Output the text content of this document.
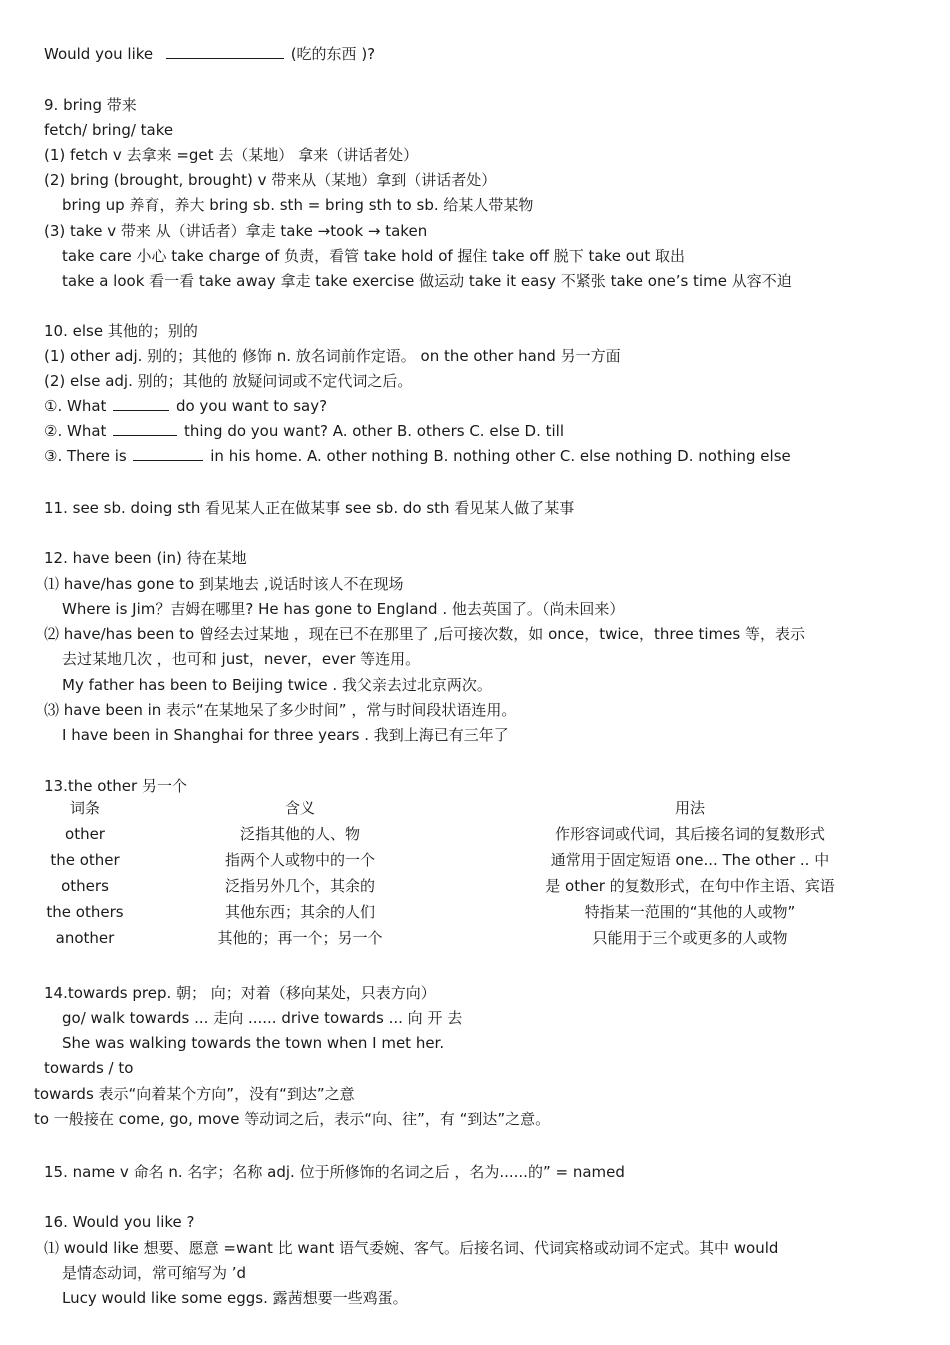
Would you like	(吃的东西 )?
9. bring 带来
fetch/ bring/ take
(1) fetch v 去拿来 =get 去（某地） 拿来（讲话者处）
(2) bring (brought, brought) v 带来从（某地）拿到（讲话者处）
bring up 养育，养大 bring sb. sth = bring sth to sb. 给某人带某物
(3) take v 带来 从（讲话者）拿走 take →took → taken
take care 小心 take charge of 负责，看管 take hold of 握住 take off 脱下 take out 取出
take a look 看一看 take away 拿走 take exercise 做运动 take it easy 不紧张 take one’s time 从容不迫
10. else 其他的；别的
(1) other adj. 别的；其他的 修饰 n. 放名词前作定语。 on the other hand 另一方面
(2) else adj. 别的；其他的 放疑问词或不定代词之后。
①. What	do you want to say?
②. What	thing do you want? A. other B. others C. else D. till
③. There is	in his home. A. other nothing B. nothing other C. else nothing D. nothing else
11. see sb. doing sth 看见某人正在做某事 see sb. do sth 看见某人做了某事
12. have been (in) 待在某地
⑴ have/has gone to 到某地去 ,说话时该人不在现场
Where is Jim？吉姆在哪里? He has gone to England . 他去英国了。（尚未回来）
⑵ have/has been to 曾经去过某地 ，现在已不在那里了 ,后可接次数，如 once，twice，three times 等，表示
去过某地几次 ，也可和 just，never，ever 等连用。
My father has been to Beijing twice . 我父亲去过北京两次。
⑶ have been in 表示“在某地呆了多少时间” ，常与时间段状语连用。
I have been in Shanghai for three years . 我到上海已有三年了
13.the other 另一个
词条	含义	用法
other	泛指其他的人、物	作形容词或代词，其后接名词的复数形式
the other	指两个人或物中的一个	通常用于固定短语 one... The other .. 中
others	泛指另外几个，其余的	是 other 的复数形式，在句中作主语、宾语
the others	其他东西；其余的人们	特指某一范围的“其他的人或物”
another	其他的；再一个；另一个	只能用于三个或更多的人或物
14.towards prep. 朝； 向；对着（移向某处，只表方向）
go/ walk towards ... 走向 ...... drive towards ... 向 开 去
She was walking towards the town when I met her.
towards / to
towards 表示“向着某个方向”，没有“到达”之意
to 一般接在 come, go, move 等动词之后，表示“向、往”，有 “到达”之意。
15. name v 命名 n. 名字；名称 adj. 位于所修饰的名词之后 ，名为......的” = named
16. Would you like ?
⑴ would like 想要、愿意 =want 比 want 语气委婉、客气。后接名词、代词宾格或动词不定式。其中 would
是情态动词，常可缩写为 ’d
Lucy would like some eggs. 露茜想要一些鸡蛋。
